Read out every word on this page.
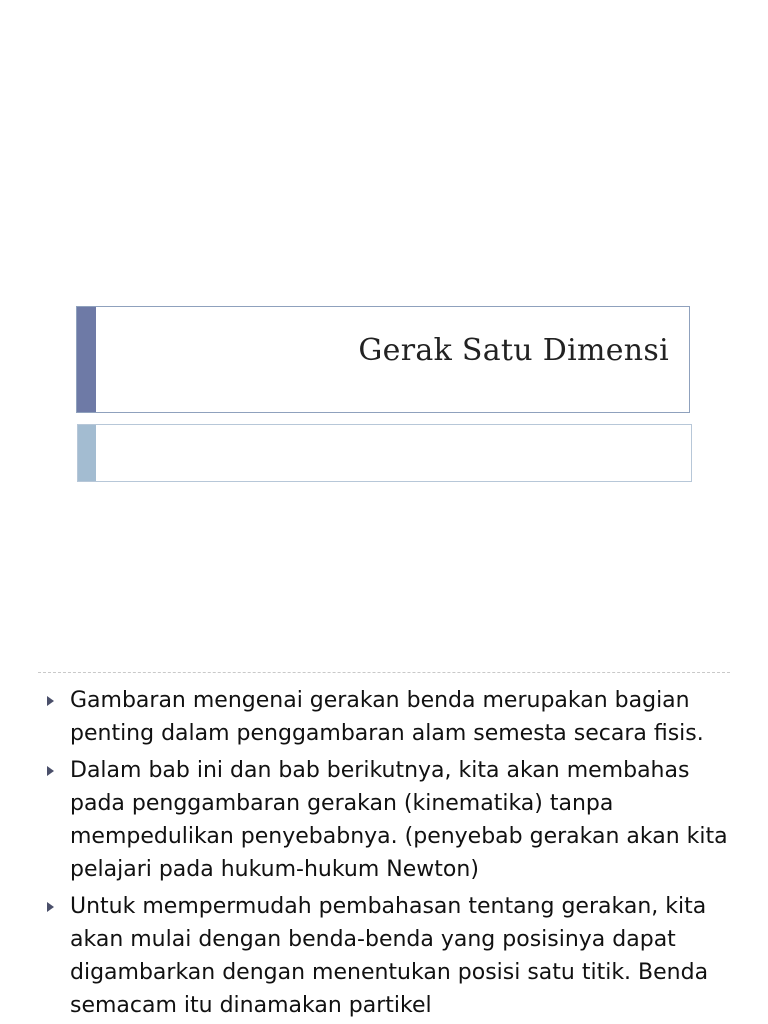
Gerak Satu Dimensi
Gambaran mengenai gerakan benda merupakan bagian penting dalam penggambaran alam semesta secara fisis.
Dalam bab ini dan bab berikutnya, kita akan membahas pada penggambaran gerakan (kinematika) tanpa mempedulikan penyebabnya. (penyebab gerakan akan kita pelajari pada hukum-hukum Newton)
Untuk mempermudah pembahasan tentang gerakan, kita akan mulai dengan benda-benda yang posisinya dapat digambarkan dengan menentukan posisi satu titik. Benda semacam itu dinamakan partikel
